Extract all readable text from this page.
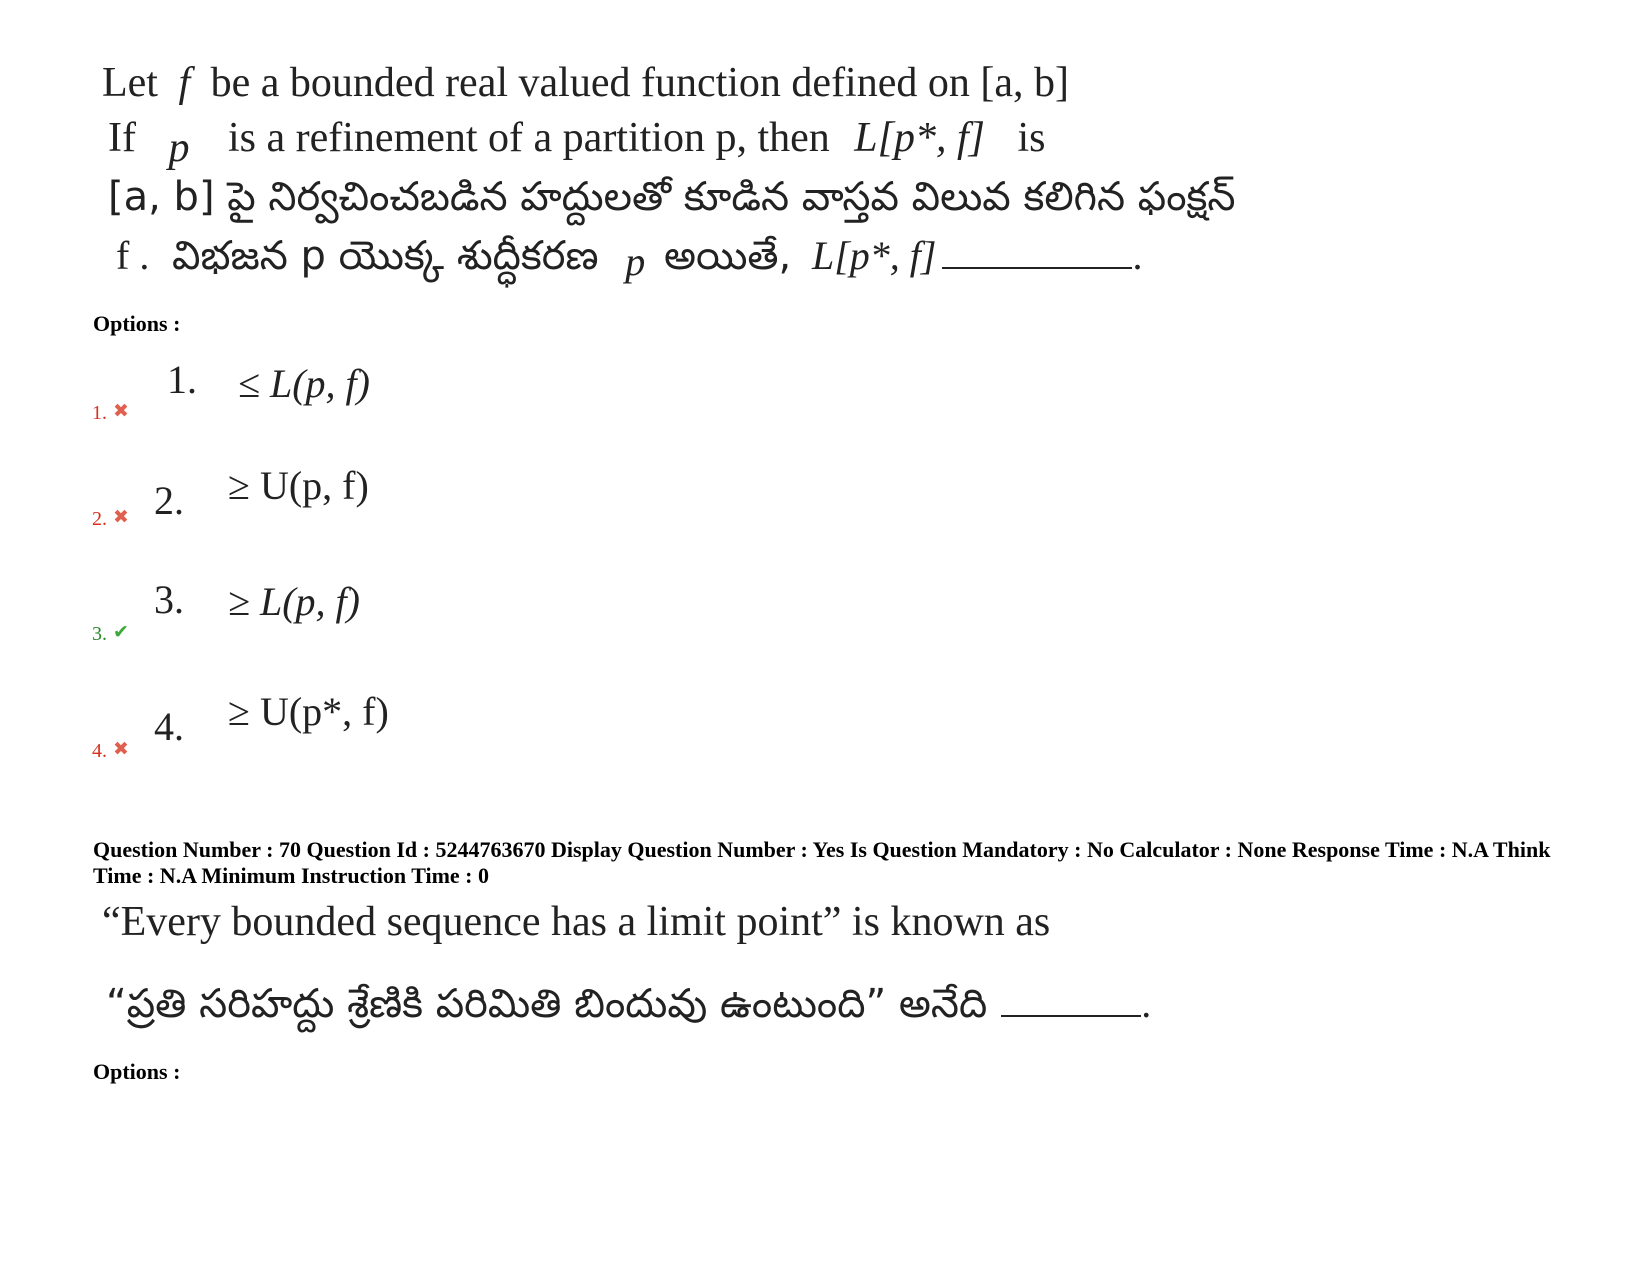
Let f be a bounded real valued function defined on [a, b]
If p is a refinement of a partition p, then L[p*, f] is
[a, b] పై నిర్వచించబడిన హద్దులతో కూడిన వాస్తవ విలువ కలిగిన ఫంక్షన్
f . విభజన p యొక్క శుద్ధీకరణ p అయితే, L[p*, f]	.
Options :
1. ≤ L(p, f)
1. ✖
≥ U(p, f)
2.
2. ✖
3. ≥ L(p, f)
3. ✔
≥ U(p*, f)
4.
4. ✖
Question Number : 70 Question Id : 5244763670 Display Question Number : Yes Is Question Mandatory : No Calculator : None Response Time : N.A Think Time : N.A Minimum Instruction Time : 0
“Every bounded sequence has a limit point” is known as
“ప్రతి సరిహద్దు శ్రేణికి పరిమితి బిందువు ఉంటుంది” అనేది	.
Options :
